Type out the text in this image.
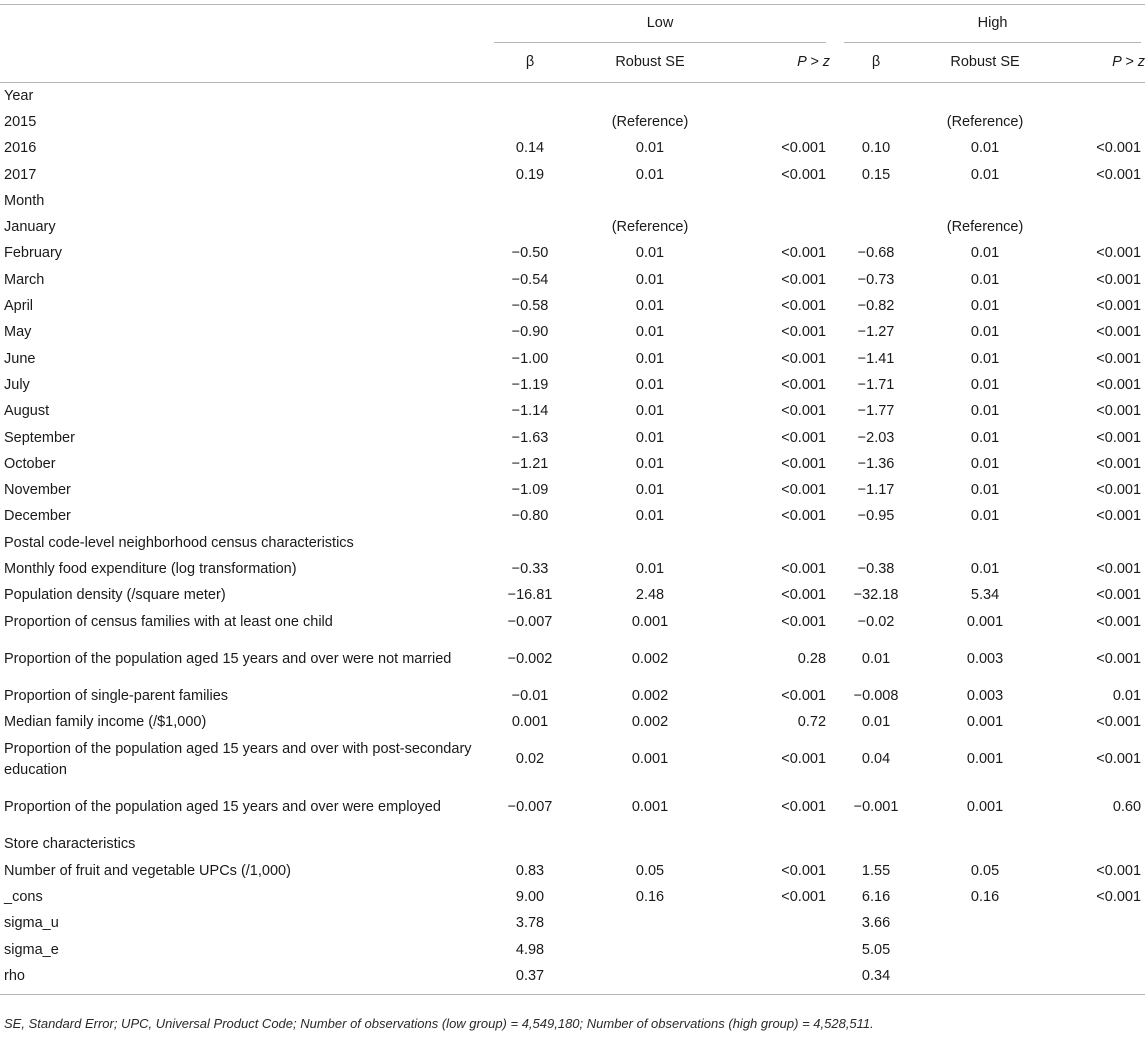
	Low			High		

	β	Robust SE	P > z	β	Robust SE	P > z
Year						
2015		(Reference)			(Reference)	
2016	0.14	0.01	<0.001	0.10	0.01	<0.001
2017	0.19	0.01	<0.001	0.15	0.01	<0.001
Month						
January		(Reference)			(Reference)	
February	−0.50	0.01	<0.001	−0.68	0.01	<0.001
March	−0.54	0.01	<0.001	−0.73	0.01	<0.001
April	−0.58	0.01	<0.001	−0.82	0.01	<0.001
May	−0.90	0.01	<0.001	−1.27	0.01	<0.001
June	−1.00	0.01	<0.001	−1.41	0.01	<0.001
July	−1.19	0.01	<0.001	−1.71	0.01	<0.001
August	−1.14	0.01	<0.001	−1.77	0.01	<0.001
September	−1.63	0.01	<0.001	−2.03	0.01	<0.001
October	−1.21	0.01	<0.001	−1.36	0.01	<0.001
November	−1.09	0.01	<0.001	−1.17	0.01	<0.001
December	−0.80	0.01	<0.001	−0.95	0.01	<0.001
Postal code-level neighborhood census characteristics						
Monthly food expenditure (log transformation)	−0.33	0.01	<0.001	−0.38	0.01	<0.001
Population density (/square meter)	−16.81	2.48	<0.001	−32.18	5.34	<0.001
Proportion of census families with at least one child	−0.007	0.001	<0.001	−0.02	0.001	<0.001
Proportion of the population aged 15 years and over were not married	−0.002	0.002	0.28	0.01	0.003	<0.001
Proportion of single-parent families	−0.01	0.002	<0.001	−0.008	0.003	0.01
Median family income (/$1,000)	0.001	0.002	0.72	0.01	0.001	<0.001
Proportion of the population aged 15 years and over with post-secondary education	0.02	0.001	<0.001	0.04	0.001	<0.001
Proportion of the population aged 15 years and over were employed	−0.007	0.001	<0.001	−0.001	0.001	0.60
Store characteristics						
Number of fruit and vegetable UPCs (/1,000)	0.83	0.05	<0.001	1.55	0.05	<0.001
_cons	9.00	0.16	<0.001	6.16	0.16	<0.001
sigma_u	3.78			3.66		
sigma_e	4.98			5.05		
rho	0.37			0.34		
SE, Standard Error; UPC, Universal Product Code; Number of observations (low group) = 4,549,180; Number of observations (high group) = 4,528,511.
